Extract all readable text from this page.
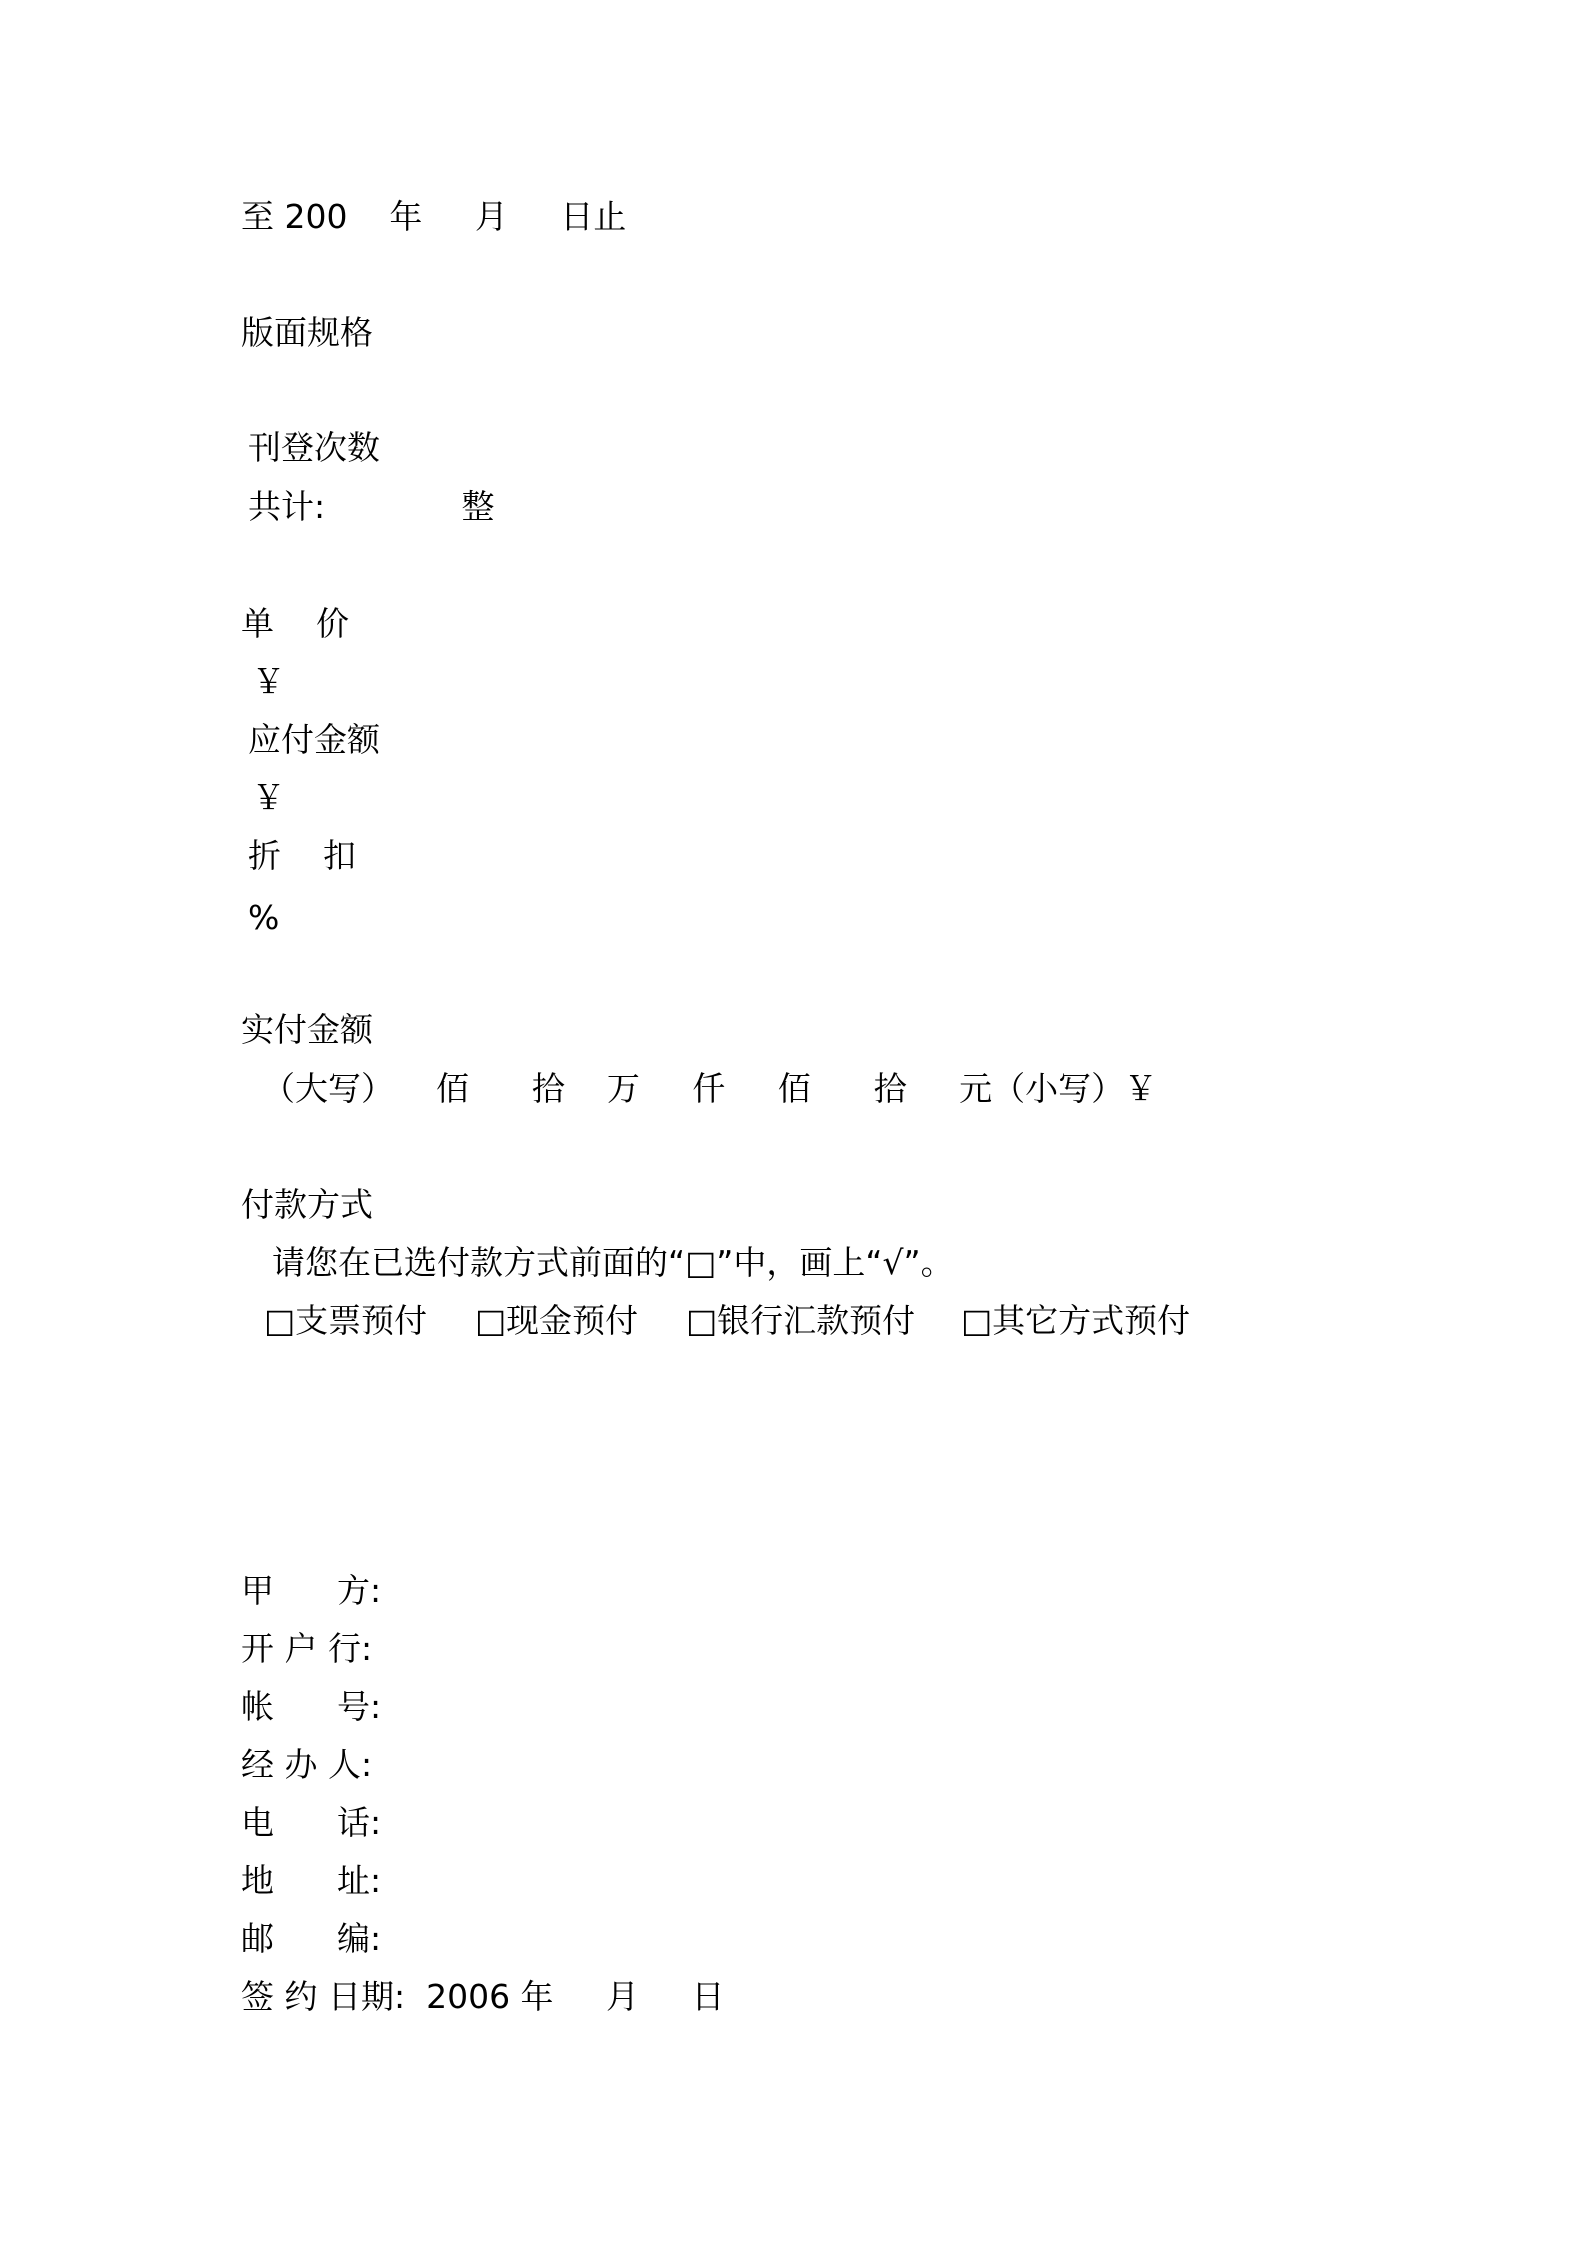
至 200    年     月     日止
版面规格
刊登次数
共计:             整
单    价
￥
应付金额
￥
折    扣
%
实付金额
（大写）    佰      拾    万     仟     佰      拾     元（小写）￥
付款方式
请您在已选付款方式前面的“□”中，画上“√”。
□支票预付 □现金预付 □银行汇款预付 □其它方式预付
甲      方:
开 户 行:
帐      号:
经 办 人:
电      话:
地      址:
邮      编:
签 约 日期:  2006 年     月     日
